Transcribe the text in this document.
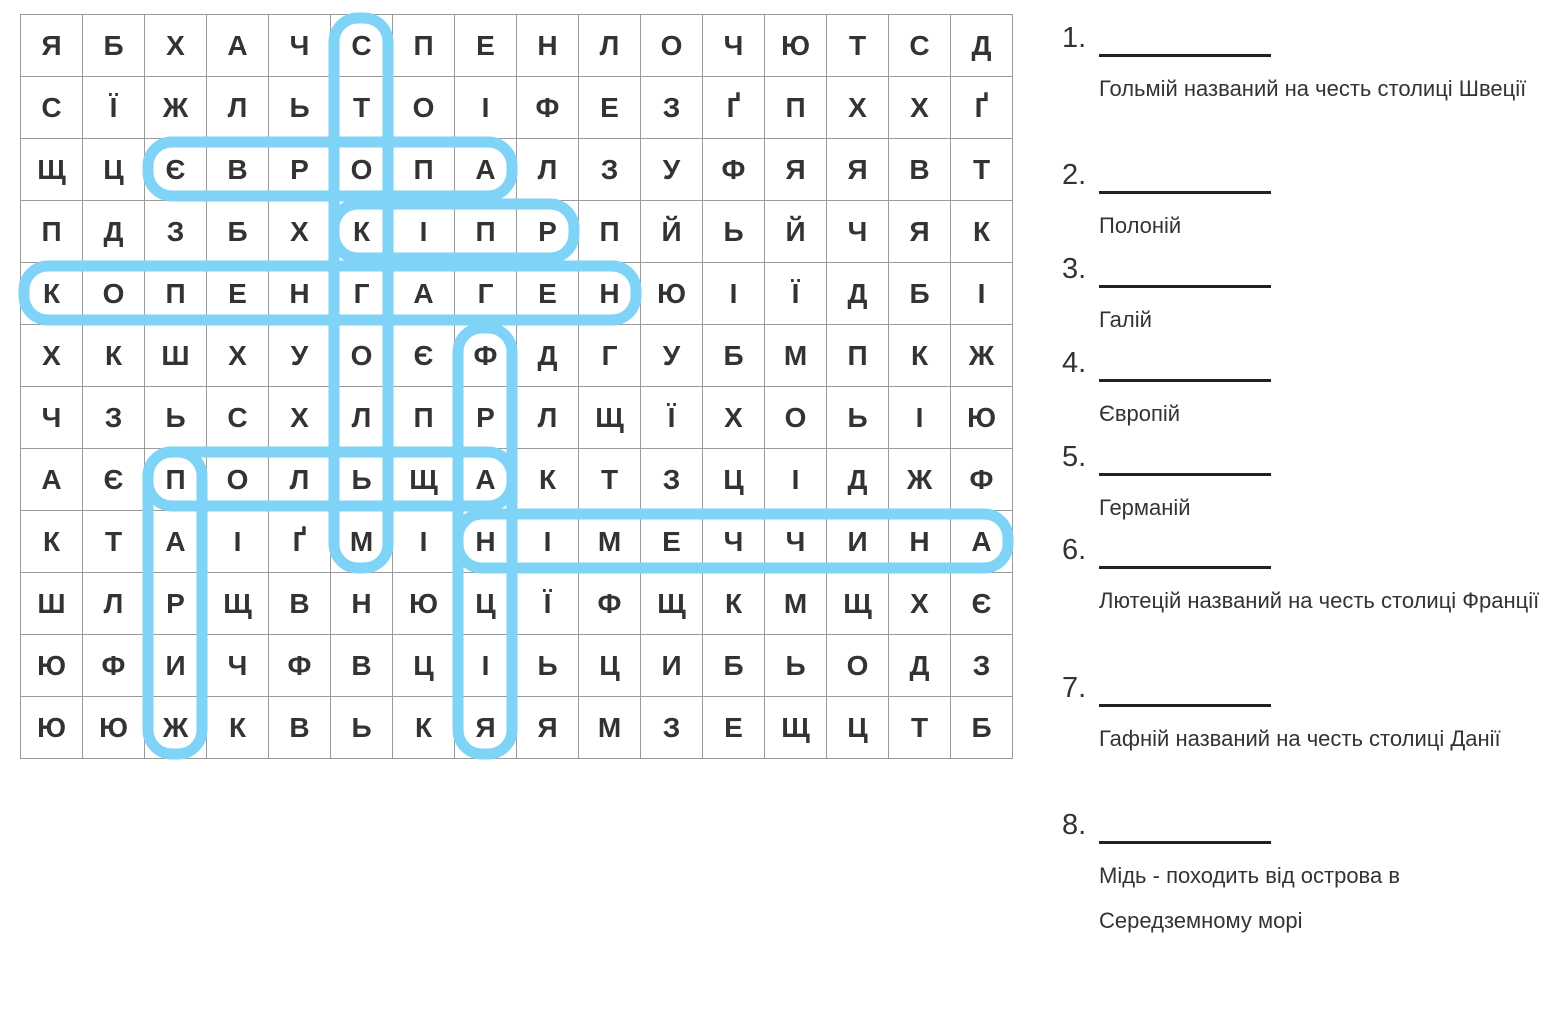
Я	Б	Х	А	Ч	С	П	Е	Н	Л	О	Ч	Ю	Т	С	Д
С	Ї	Ж	Л	Ь	Т	О	І	Ф	Е	З	Ґ	П	Х	Х	Ґ
Щ	Ц	Є	В	Р	О	П	А	Л	З	У	Ф	Я	Я	В	Т
П	Д	З	Б	Х	К	І	П	Р	П	Й	Ь	Й	Ч	Я	К
К	О	П	Е	Н	Г	А	Г	Е	Н	Ю	І	Ї	Д	Б	І
Х	К	Ш	Х	У	О	Є	Ф	Д	Г	У	Б	М	П	К	Ж
Ч	З	Ь	С	Х	Л	П	Р	Л	Щ	Ї	Х	О	Ь	І	Ю
А	Є	П	О	Л	Ь	Щ	А	К	Т	З	Ц	І	Д	Ж	Ф
К	Т	А	І	Ґ	М	І	Н	І	М	Е	Ч	Ч	И	Н	А
Ш	Л	Р	Щ	В	Н	Ю	Ц	Ї	Ф	Щ	К	М	Щ	Х	Є
Ю	Ф	И	Ч	Ф	В	Ц	І	Ь	Ц	И	Б	Ь	О	Д	З
Ю	Ю	Ж	К	В	Ь	К	Я	Я	М	З	Е	Щ	Ц	Т	Б
1.
Гольмій названий на честь столиці Швеції
2.
Полоній
3.
Галій
4.
Європій
5.
Германій
6.
Лютецій названий на честь столиці Франції
7.
Гафній названий на честь столиці Данії
8.
Мідь - походить від острова в Середземному морі
